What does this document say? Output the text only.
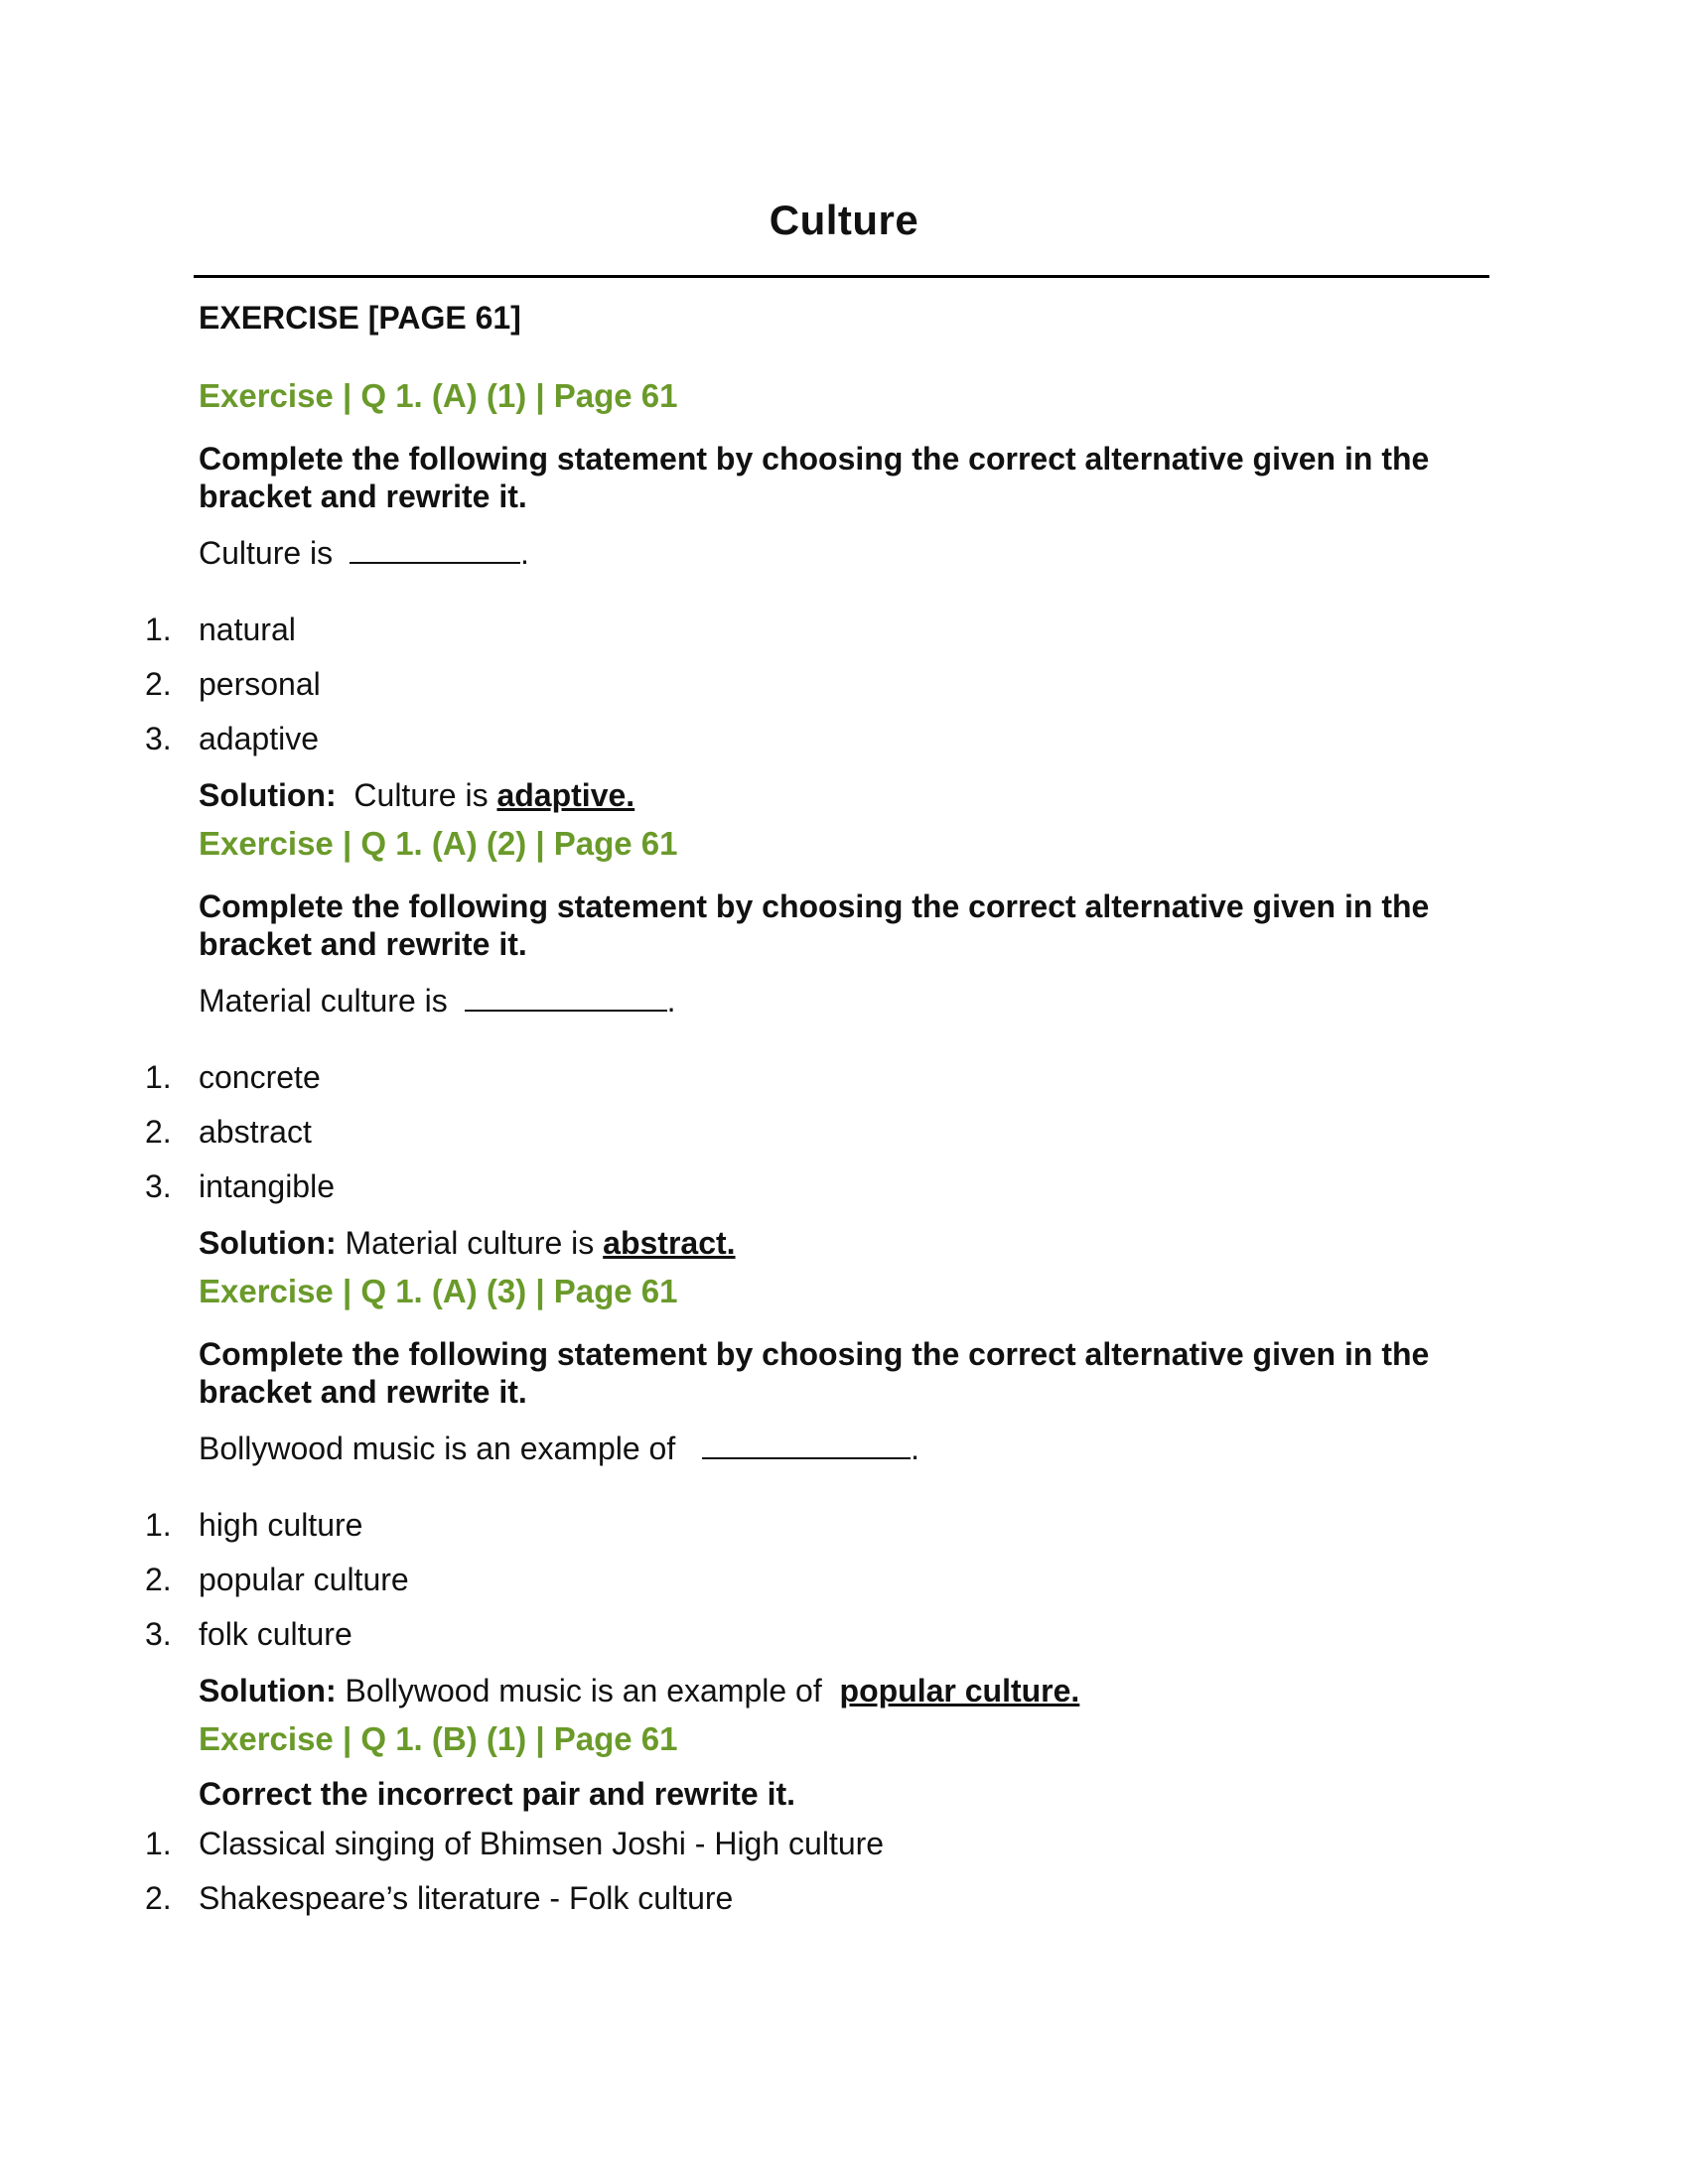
Culture
EXERCISE [PAGE 61]
Exercise | Q 1. (A) (1) | Page 61
Complete the following statement by choosing the correct alternative given in the bracket and rewrite it.
Culture is	.
1. natural
2. personal
3. adaptive
Solution: Culture is adaptive.
Exercise | Q 1. (A) (2) | Page 61
Complete the following statement by choosing the correct alternative given in the bracket and rewrite it.
Material culture is	.
1. concrete
2. abstract
3. intangible
Solution: Material culture is abstract.
Exercise | Q 1. (A) (3) | Page 61
Complete the following statement by choosing the correct alternative given in the bracket and rewrite it.
Bollywood music is an example of	.
1. high culture
2. popular culture
3. folk culture
Solution: Bollywood music is an example of popular culture.
Exercise | Q 1. (B) (1) | Page 61
Correct the incorrect pair and rewrite it.
1. Classical singing of Bhimsen Joshi - High culture
2. Shakespeare’s literature - Folk culture
